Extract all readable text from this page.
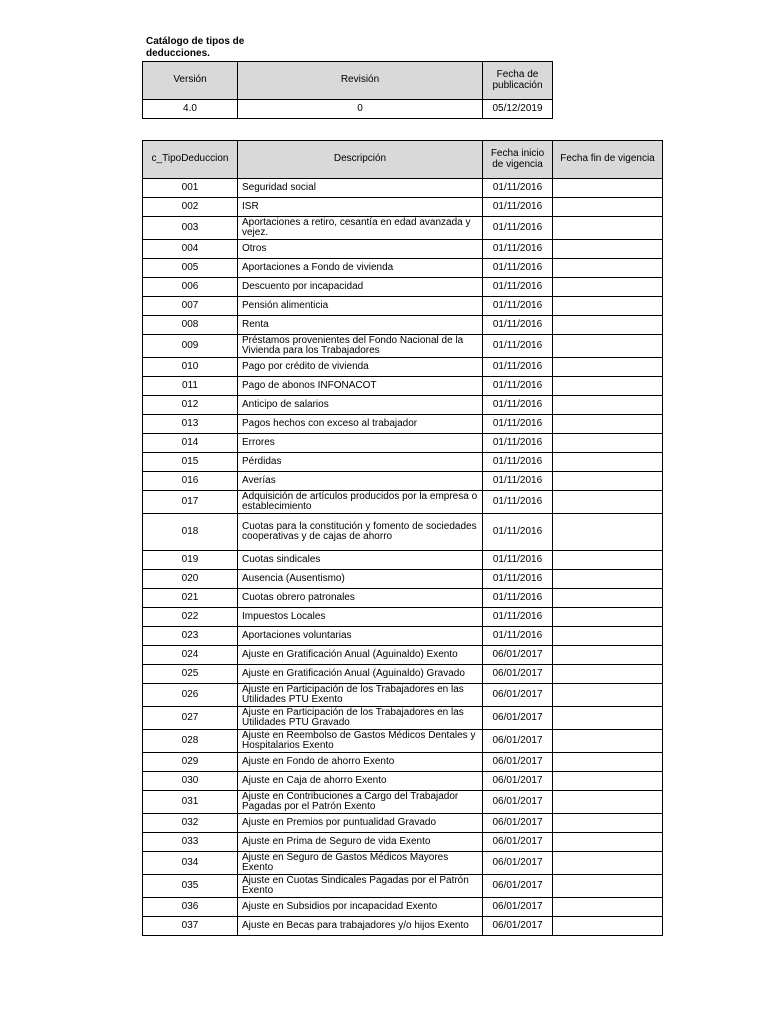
Catálogo de tipos de deducciones.
Versión	Revisión	Fecha de publicación
4.0	0	05/12/2019
c_TipoDeduccion	Descripción	Fecha inicio de vigencia	Fecha fin de vigencia
001	Seguridad social	01/11/2016	
002	ISR	01/11/2016	
003	Aportaciones a retiro, cesantía en edad avanzada y vejez.	01/11/2016	
004	Otros	01/11/2016	
005	Aportaciones a Fondo de vivienda	01/11/2016	
006	Descuento por incapacidad	01/11/2016	
007	Pensión alimenticia	01/11/2016	
008	Renta	01/11/2016	
009	Préstamos provenientes del Fondo Nacional de la Vivienda para los Trabajadores	01/11/2016	
010	Pago por crédito de vivienda	01/11/2016	
011	Pago de abonos INFONACOT	01/11/2016	
012	Anticipo de salarios	01/11/2016	
013	Pagos hechos con exceso al trabajador	01/11/2016	
014	Errores	01/11/2016	
015	Pérdidas	01/11/2016	
016	Averías	01/11/2016	
017	Adquisición de artículos producidos por la empresa o establecimiento	01/11/2016	
018	Cuotas para la constitución y fomento de sociedades cooperativas y de cajas de ahorro	01/11/2016	
019	Cuotas sindicales	01/11/2016	
020	Ausencia (Ausentismo)	01/11/2016	
021	Cuotas obrero patronales	01/11/2016	
022	Impuestos Locales	01/11/2016	
023	Aportaciones voluntarias	01/11/2016	
024	Ajuste en Gratificación Anual (Aguinaldo) Exento	06/01/2017	
025	Ajuste en Gratificación Anual (Aguinaldo) Gravado	06/01/2017	
026	Ajuste en Participación de los Trabajadores en las Utilidades PTU Exento	06/01/2017	
027	Ajuste en Participación de los Trabajadores en las Utilidades PTU Gravado	06/01/2017	
028	Ajuste en Reembolso de Gastos Médicos Dentales y Hospitalarios Exento	06/01/2017	
029	Ajuste en Fondo de ahorro Exento	06/01/2017	
030	Ajuste en Caja de ahorro Exento	06/01/2017	
031	Ajuste en Contribuciones a Cargo del Trabajador Pagadas por el Patrón Exento	06/01/2017	
032	Ajuste en Premios por puntualidad Gravado	06/01/2017	
033	Ajuste en Prima de Seguro de vida Exento	06/01/2017	
034	Ajuste en Seguro de Gastos Médicos Mayores Exento	06/01/2017	
035	Ajuste en Cuotas Sindicales Pagadas por el Patrón Exento	06/01/2017	
036	Ajuste en Subsidios por incapacidad Exento	06/01/2017	
037	Ajuste en Becas para trabajadores y/o hijos Exento	06/01/2017	
